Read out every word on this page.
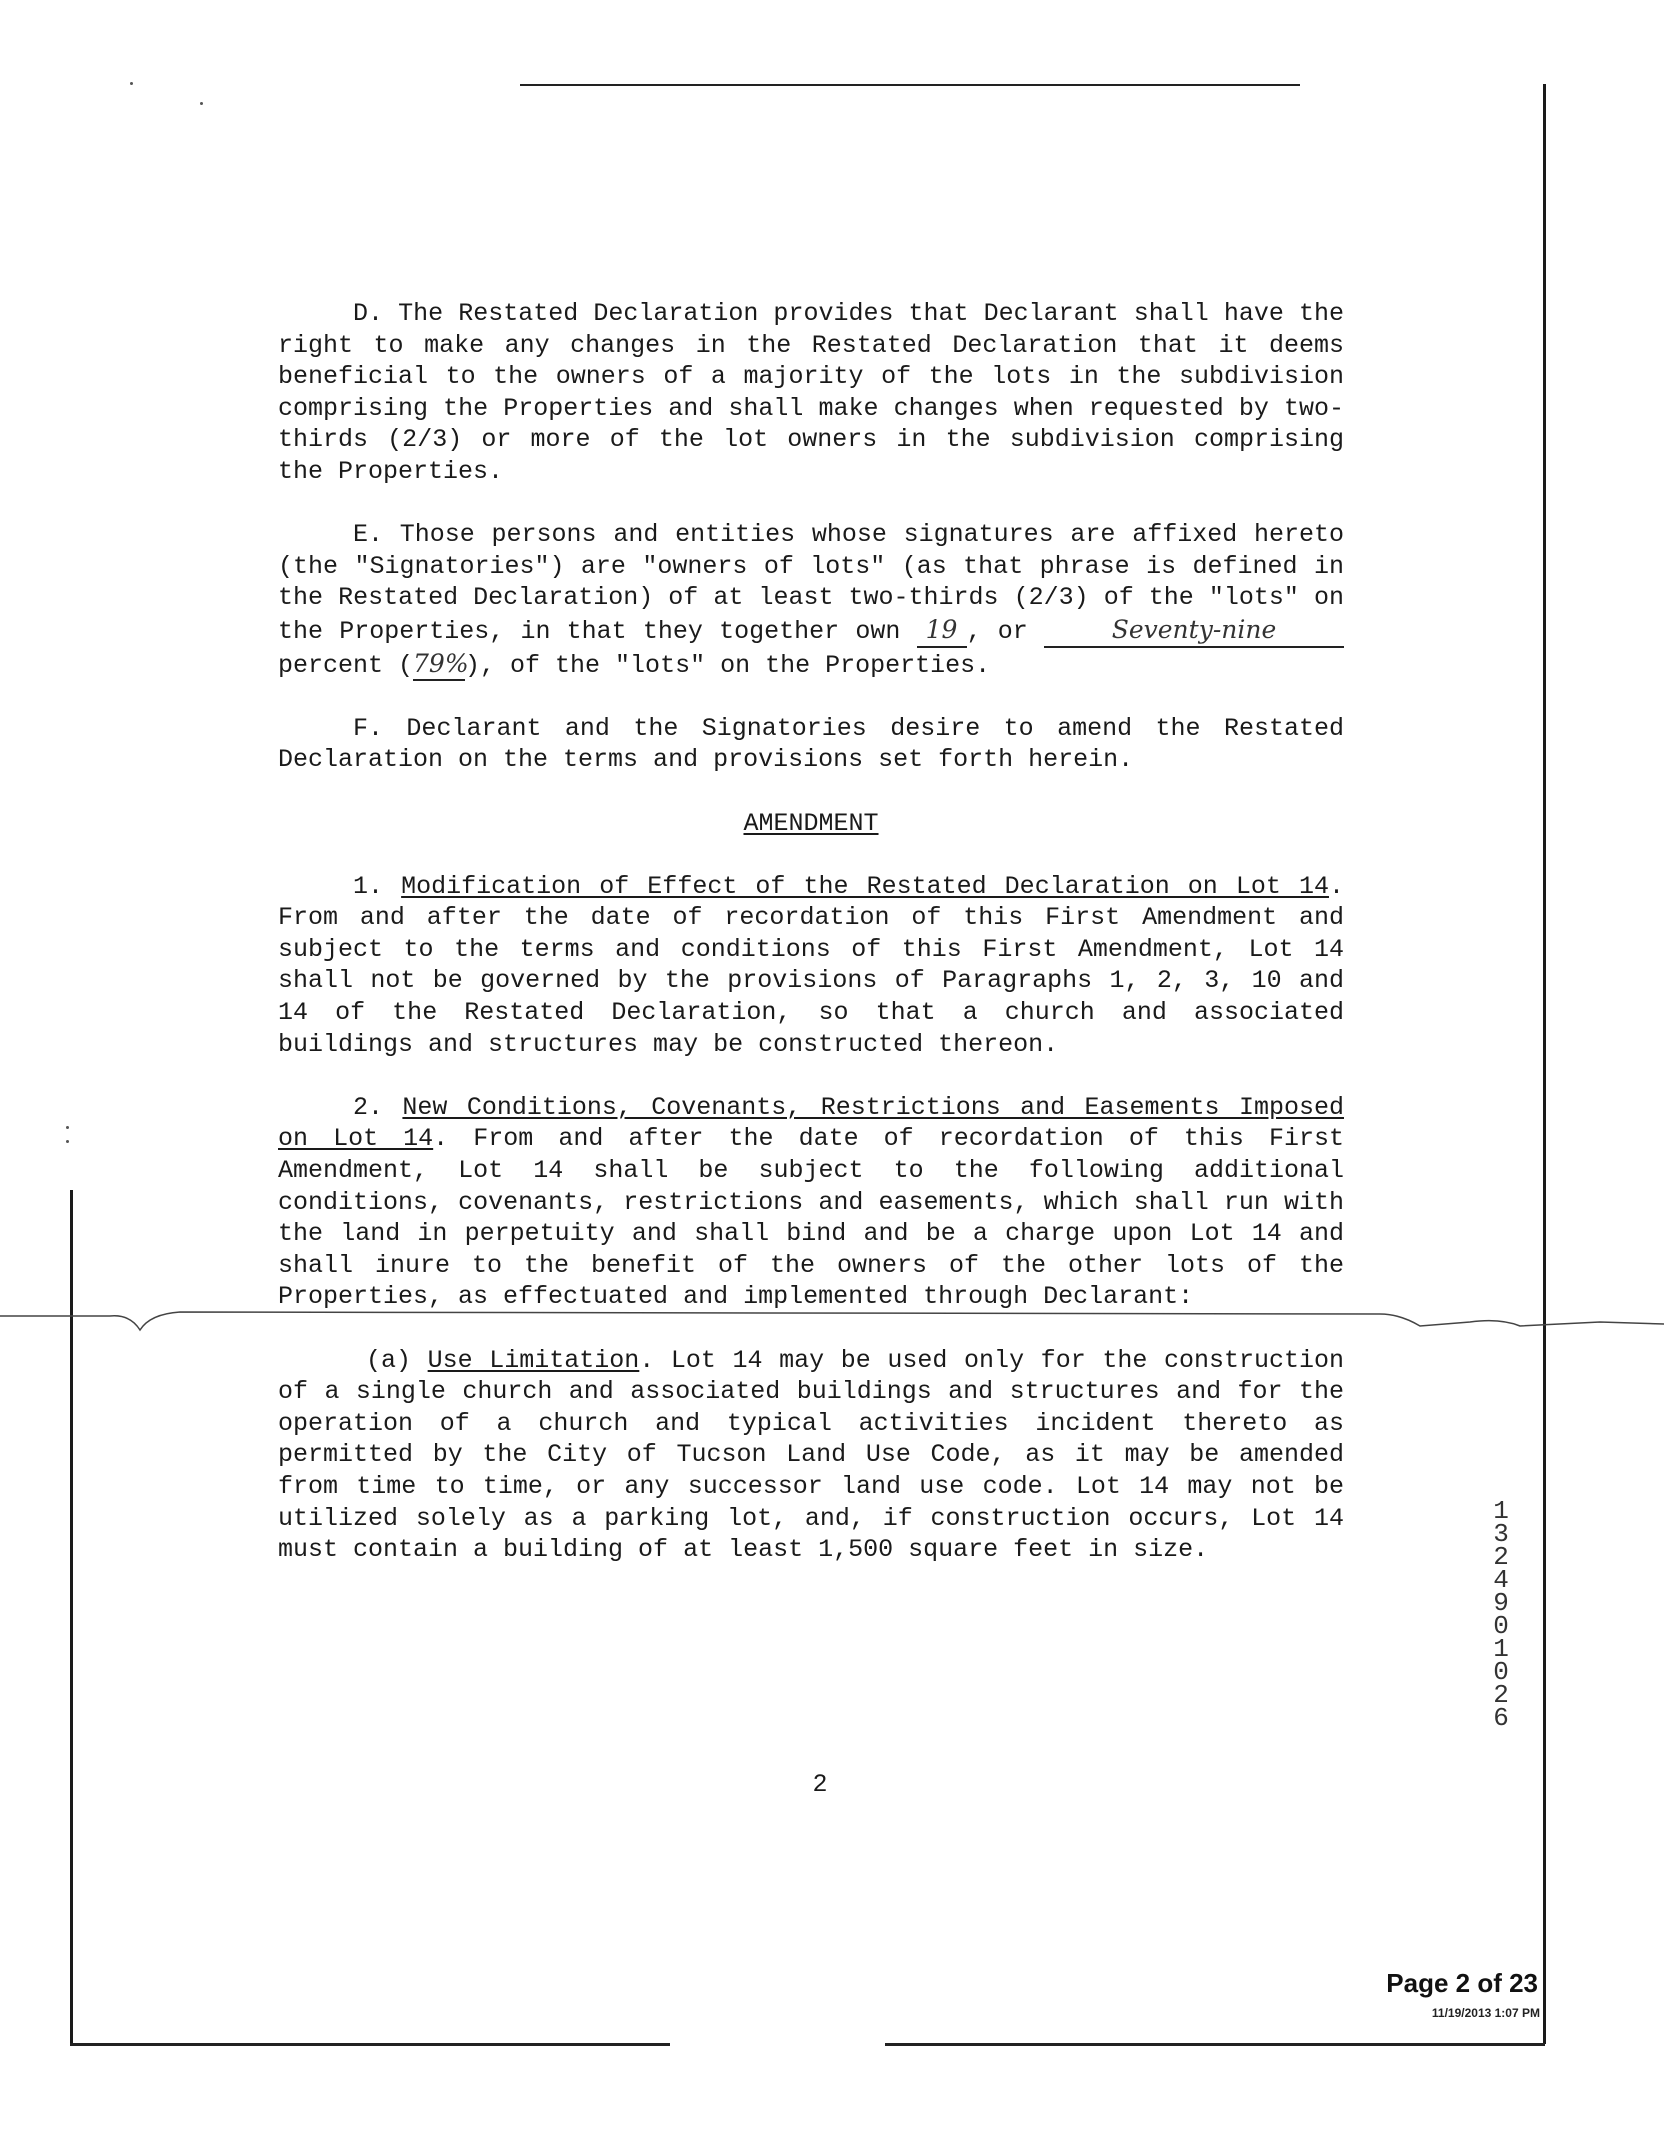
D. The Restated Declaration provides that Declarant shall have the right to make any changes in the Restated Declaration that it deems beneficial to the owners of a majority of the lots in the subdivision comprising the Properties and shall make changes when requested by two-thirds (2/3) or more of the lot owners in the subdivision comprising the Properties.

E. Those persons and entities whose signatures are affixed hereto (the "Signatories") are "owners of lots" (as that phrase is defined in the Restated Declaration) of at least two-thirds (2/3) of the "lots" on the Properties, in that they together own 19 , or	Seventy-nine percent (79%), of the "lots" on the Properties.

F. Declarant and the Signatories desire to amend the Restated Declaration on the terms and provisions set forth herein.

AMENDMENT

1. Modification of Effect of the Restated Declaration on Lot 14. From and after the date of recordation of this First Amendment and subject to the terms and conditions of this First Amendment, Lot 14 shall not be governed by the provisions of Paragraphs 1, 2, 3, 10 and 14 of the Restated Declaration, so that a church and associated buildings and structures may be constructed thereon.

2. New Conditions, Covenants, Restrictions and Easements Imposed on Lot 14. From and after the date of recordation of this First Amendment, Lot 14 shall be subject to the following additional conditions, covenants, restrictions and easements, which shall run with the land in perpetuity and shall bind and be a charge upon Lot 14 and shall inure to the benefit of the owners of the other lots of the Properties, as effectuated and implemented through Declarant:

(a) Use Limitation. Lot 14 may be used only for the construction of a single church and associated buildings and structures and for the operation of a church and typical activities incident thereto as permitted by the City of Tucson Land Use Code, as it may be amended from time to time, or any successor land use code. Lot 14 may not be utilized solely as a parking lot, and, if construction occurs, Lot 14 must contain a building of at least 1,500 square feet in size.

2
13249 01026
Page 2 of 23
11/19/2013 1:07 PM
